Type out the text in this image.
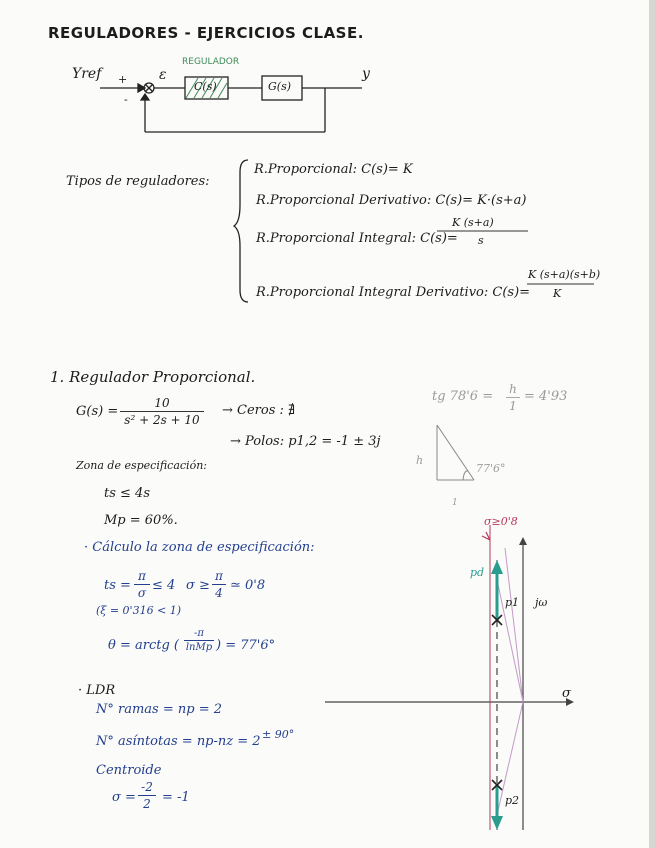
REGULADORES - EJERCICIOS CLASE.
Yref +
-
ε
REGULADOR
C(s)	G(s)
y
Tipos de reguladores:
R.Proporcional: C(s)= K
R.Proporcional Derivativo: C(s)= K·(s+a)
R.Proporcional Integral: C(s)=
K (s+a)
s
R.Proporcional Integral Derivativo: C(s)=
K (s+a)(s+b)
K
1. Regulador Proporcional.
G(s) =
10
s² + 2s + 10
→ Ceros : ∄
→ Polos: p1,2 = -1 ± 3j
tg 78'6 = h
1
= 4'93
h
1
77'6°
Zona de especificación:
ts ≤ 4s
Mp = 60%.
· Cálculo la zona de especificación:
ts =
π
σ ≤ 4 σ ≥
π
4 ≃ 0'8
(ξ = 0'316 < 1)
θ = arctg (
-π
lnMp ) = 77'6°
· LDR
N° ramas = np = 2
N° asíntotas = np-nz = 2 ± 90°
Centroide
σ =
-2
2 = -1
σ≥0'8
pd
p1 jω
p2
σ
